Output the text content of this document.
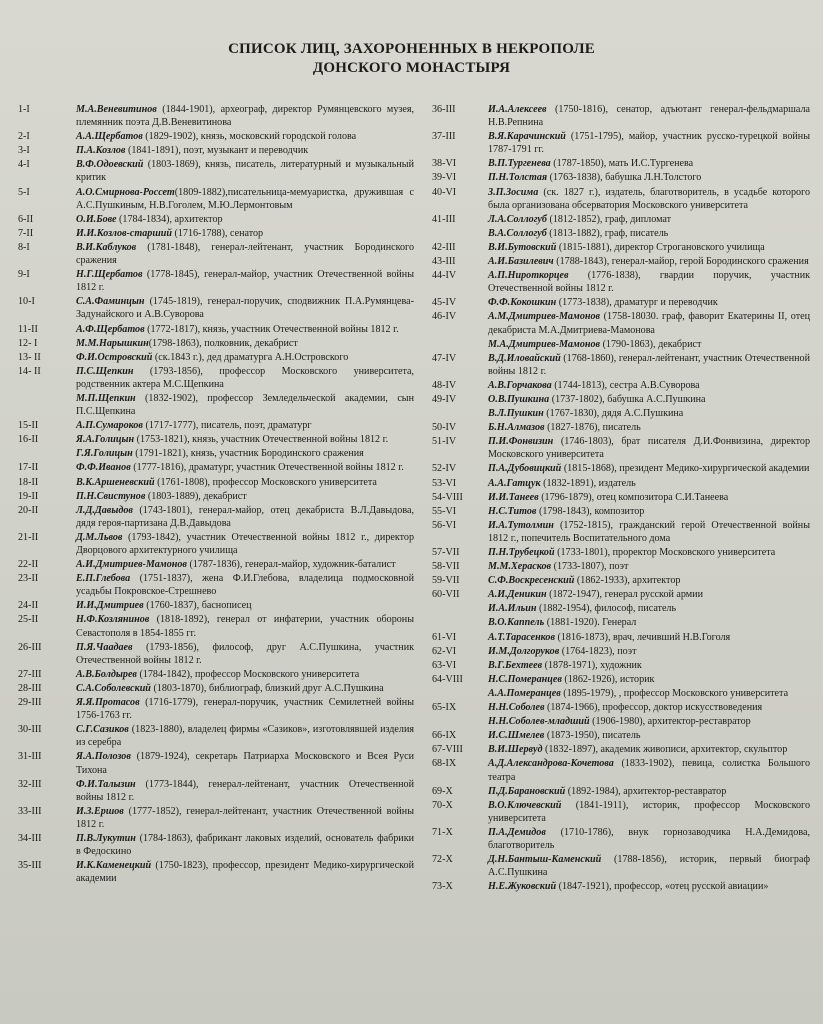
СПИСОК ЛИЦ, ЗАХОРОНЕННЫХ В НЕКРОПОЛЕ
ДОНСКОГО МОНАСТЫРЯ
1-I	М.А.Веневитинов (1844-1901), археограф, директор Румянцевского музея, племянник поэта Д.В.Веневитинова
2-I	А.А.Щербатов (1829-1902), князь, московский городской голова
3-I	П.А.Козлов (1841-1891), поэт, музыкант и переводчик
4-I	В.Ф.Одоевский (1803-1869), князь, писатель, литературный и музыкальный критик
5-I	А.О.Смирнова-Россет(1809-1882),писательница-мемуаристка, дружившая с А.С.Пушкиным, Н.В.Гоголем, М.Ю.Лермонтовым
6-II	О.И.Бове (1784-1834), архитектор
7-II	И.И.Козлов-старший (1716-1788), сенатор
8-I	В.И.Каблуков (1781-1848), генерал-лейтенант, участник Бородинского сражения
9-I	Н.Г.Щербатов (1778-1845), генерал-майор, участник Отечественной войны 1812 г.
10-I	С.А.Фаминцын (1745-1819), генерал-поручик, сподвижник П.А.Румянцева-Задунайского и А.В.Суворова
11-II	А.Ф.Щербатов (1772-1817), князь, участник Отечественной войны 1812 г.
12- I	М.М.Нарышкин(1798-1863), полковник, декабрист
13- II	Ф.И.Островский (ск.1843 г.), дед драматурга А.Н.Островского
14- II	П.С.Щепкин (1793-1856), профессор Московского университета, родственник актера М.С.Щепкина
М.П.Щепкин (1832-1902), профессор Земледельческой академии, сын П.С.Щепкина
15-II	А.П.Сумароков (1717-1777), писатель, поэт, драматург
16-II	Я.А.Голицын (1753-1821), князь, участник Отечественной войны 1812 г.
Г.Я.Голицын (1791-1821), князь, участник Бородинского сражения
17-II	Ф.Ф.Иванов (1777-1816), драматург, участник Отечественной войны 1812 г.
18-II	В.К.Аршеневский (1761-1808), профессор Московского университета
19-II	П.Н.Свистунов (1803-1889), декабрист
20-II	Л.Д.Давыдов (1743-1801), генерал-майор, отец декабриста В.Л.Давыдова, дядя героя-партизана Д.В.Давыдова
21-II	Д.М.Львов (1793-1842), участник Отечественной войны 1812 г., директор Дворцового архитектурного училища
22-II	А.И.Дмитриев-Мамонов (1787-1836), генерал-майор, художник-баталист
23-II	Е.П.Глебова (1751-1837), жена Ф.И.Глебова, владелица подмосковной усадьбы Покровское-Стрешнево
24-II	И.И.Дмитриев (1760-1837), баснописец
25-II	Н.Ф.Козлянинов (1818-1892), генерал от инфатерии, участник обороны Севастополя в 1854-1855 гг.
26-III	П.Я.Чаадаев (1793-1856), философ, друг А.С.Пушкина, участник Отечественной войны 1812 г.
27-III	А.В.Болдырев (1784-1842), профессор Московского университета
28-III	С.А.Соболевский (1803-1870), библиограф, близкий друг А.С.Пушкина
29-III	Я.Я.Протасов (1716-1779), генерал-поручик, участник Семилетней войны 1756-1763 гг.
30-III	С.Г.Сазиков (1823-1880), владелец фирмы «Сазиков», изготовлявшей изделия из серебра
31-III	Я.А.Полозов (1879-1924), секретарь Патриарха Московского и Всея Руси Тихона
32-III	Ф.И.Талызин (1773-1844), генерал-лейтенант, участник Отечественной войны 1812 г.
33-III	И.З.Ершов (1777-1852), генерал-лейтенант, участник Отечественной войны 1812 г.
34-III	П.В.Лукутин (1784-1863), фабрикант лаковых изделий, основатель фабрики в Федоскино
35-III	И.К.Каменецкий (1750-1823), профессор, президент Медико-хирургической академии
36-III	И.А.Алексеев (1750-1816), сенатор, адъютант генерал-фельдмаршала Н.В.Репнина
37-III	В.Я.Карачинский (1751-1795), майор, участник русско-турецкой войны 1787-1791 гг.
38-VI	В.П.Тургенева (1787-1850), мать И.С.Тургенева
39-VI	П.Н.Толстая (1763-1838), бабушка Л.Н.Толстого
40-VI	З.П.Зосима (ск. 1827 г.), издатель, благотворитель, в усадьбе которого была организована обсерватория Московского университета
41-III	Л.А.Соллогуб (1812-1852), граф, дипломат
В.А.Соллогуб (1813-1882), граф, писатель
42-III	В.И.Бутовский (1815-1881), директор Строгановского училища
43-III	А.И.Базилевич (1788-1843), генерал-майор, герой Бородинского сражения
44-IV	А.П.Нироткорцев (1776-1838), гвардии поручик, участник Отечественной войны 1812 г.
45-IV	Ф.Ф.Кокошкин (1773-1838), драматург и переводчик
46-IV	А.М.Дмитриев-Мамонов (1758-18030. граф, фаворит Екатерины II, отец декабриста М.А.Дмитриева-Мамонова
М.А.Дмитриев-Мамонов (1790-1863), декабрист
47-IV	В.Д.Иловайский (1768-1860), генерал-лейтенант, участник Отечественной войны 1812 г.
48-IV	А.В.Горчакова (1744-1813), сестра А.В.Суворова
49-IV	О.В.Пушкина (1737-1802), бабушка А.С.Пушкина
В.Л.Пушкин (1767-1830), дядя А.С.Пушкина
50-IV	Б.Н.Алмазов (1827-1876), писатель
51-IV	П.И.Фонвизин (1746-1803), брат писателя Д.И.Фонвизина, директор Московского университета
52-IV	П.А.Дубовицкий (1815-1868), президент Медико-хирургической академии
53-VI	А.А.Гатцук (1832-1891), издатель
54-VIII	И.И.Танеев (1796-1879), отец композитора С.И.Танеева
55-VI	Н.С.Титов (1798-1843), композитор
56-VI	И.А.Тутолмин (1752-1815), гражданский герой Отечественной войны 1812 г., попечитель Воспитательного дома
57-VII	П.Н.Трубецкой (1733-1801), проректор Московского университета
58-VII	М.М.Херасков (1733-1807), поэт
59-VII	С.Ф.Воскресенский (1862-1933), архитектор
60-VII	А.И.Деникин (1872-1947), генерал русской армии
И.А.Ильин (1882-1954), философ, писатель
В.О.Каппель (1881-1920). Генерал
61-VI	А.Т.Тарасенков (1816-1873), врач, лечивший Н.В.Гоголя
62-VI	И.М.Долгоруков (1764-1823), поэт
63-VI	В.Г.Бехтеев (1878-1971), художник
64-VIII	Н.С.Померанцев (1862-1926), историк
А.А.Померанцев (1895-1979), , профессор Московского университета
65-IX	Н.Н.Соболев (1874-1966), профессор, доктор искусствоведения
Н.Н.Соболев-младший (1906-1980), архитектор-реставратор
66-IX	И.С.Шмелев (1873-1950), писатель
67-VIII	В.И.Шервуд (1832-1897), академик живописи, архитектор, скульптор
68-IX	А.Д.Александрова-Кочетова (1833-1902), певица, солистка Большого театра
69-X	П.Д.Барановский (1892-1984), архитектор-реставратор
70-X	В.О.Ключевский (1841-1911), историк, профессор Московского университета
71-X	П.А.Демидов (1710-1786), внук горнозаводчика Н.А.Демидова, благотворитель
72-X	Д.Н.Бантыш-Каменский (1788-1856), историк, первый биограф А.С.Пушкина
73-X	Н.Е.Жуковский (1847-1921), профессор, «отец русской авиации»
